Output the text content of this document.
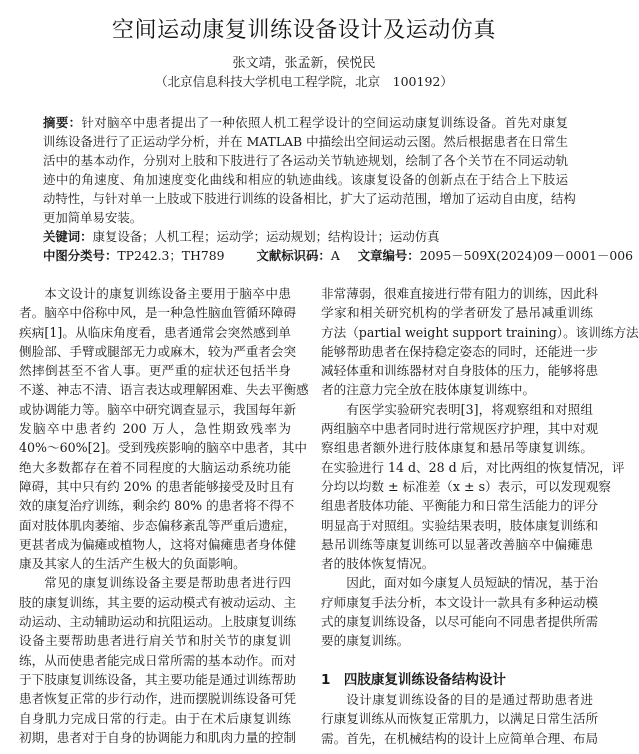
空间运动康复训练设备设计及运动仿真
张文靖，张孟新，侯悦民
（北京信息科技大学机电工程学院，北京　100192）
摘要：针对脑卒中患者提出了一种依照人机工程学设计的空间运动康复训练设备。首先对康复
训练设备进行了正运动学分析，并在 MATLAB 中描绘出空间运动云图。然后根据患者在日常生
活中的基本动作，分别对上肢和下肢进行了各运动关节轨迹规划，绘制了各个关节在不同运动轨
迹中的角速度、角加速度变化曲线和相应的轨迹曲线。该康复设备的创新点在于结合上下肢运
动特性，与针对单一上肢或下肢进行训练的设备相比，扩大了运动范围，增加了运动自由度，结构
更加简单易安装。
关键词：康复设备；人机工程；运动学；运动规划；结构设计；运动仿真
中图分类号：TP242.3；TH789	文献标识码：A 文章编号：2095－509X(2024)09－0001－006
本文设计的康复训练设备主要用于脑卒中患
者。脑卒中俗称中风，是一种急性脑血管循环障碍
疾病[1]。从临床角度看，患者通常会突然感到单
侧脸部、手臂或腿部无力或麻木，较为严重者会突
然摔倒甚至不省人事。更严重的症状还包括半身
不遂、神志不清、语言表达或理解困难、失去平衡感
或协调能力等。脑卒中研究调查显示，我国每年新
发脑卒中患者约 200 万人，急性期致残率为
40%～60%[2]。受到残疾影响的脑卒中患者，其中
绝大多数都存在着不同程度的大脑运动系统功能
障碍，其中只有约 20% 的患者能够接受及时且有
效的康复治疗训练，剩余约 80% 的患者将不得不
面对肢体肌肉萎缩、步态偏移紊乱等严重后遗症，
更甚者成为偏瘫或植物人，这将对偏瘫患者身体健
康及其家人的生活产生极大的负面影响。
常见的康复训练设备主要是帮助患者进行四
肢的康复训练，其主要的运动模式有被动运动、主
动运动、主动辅助运动和抗阻运动。上肢康复训练
设备主要帮助患者进行肩关节和肘关节的康复训
练，从而使患者能完成日常所需的基本动作。而对
于下肢康复训练设备，其主要功能是通过训练帮助
患者恢复正常的步行动作，进而摆脱训练设备可凭
自身肌力完成日常的行走。由于在术后康复训练
初期，患者对于自身的协调能力和肌肉力量的控制
非常薄弱，很难直接进行带有阻力的训练，因此科
学家和相关研究机构的学者研发了悬吊减重训练
方法（partial weight support training）。该训练方法
能够帮助患者在保持稳定姿态的同时，还能进一步
减轻体重和训练器材对自身肢体的压力，能够将患
者的注意力完全放在肢体康复训练中。
有医学实验研究表明[3]，将观察组和对照组
两组脑卒中患者同时进行常规医疗护理，其中对观
察组患者额外进行肢体康复和悬吊等康复训练。
在实验进行 14 d、28 d 后，对比两组的恢复情况，评
分均以均数 ± 标准差（x ± s）表示，可以发现观察
组患者肢体功能、平衡能力和日常生活能力的评分
明显高于对照组。实验结果表明，肢体康复训练和
悬吊训练等康复训练可以显著改善脑卒中偏瘫患
者的肢体恢复情况。
因此，面对如今康复人员短缺的情况，基于治
疗师康复手法分析，本文设计一款具有多种运动模
式的康复训练设备，以尽可能向不同患者提供所需
要的康复训练。
1　四肢康复训练设备结构设计
设计康复训练设备的目的是通过帮助患者进
行康复训练从而恢复正常肌力，以满足日常生活所
需。首先，在机械结构的设计上应简单合理、布局
